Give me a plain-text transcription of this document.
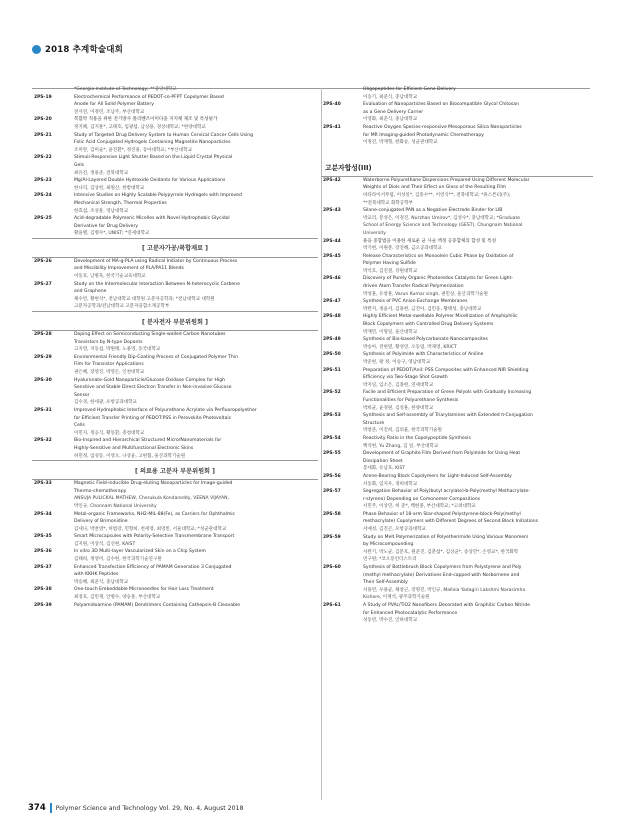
2018 추계학술대회
*Georgia Institute of Technology; **중앙대학교
2PS-19	Electrochemical Performance of PEDOT-co-PFPT Copolymer Based
Anode for All Solid Polymer Battery
전서연, 이정민, 조남주, 부산대학교
2PS-20	복합막 적용을 위한 전기방사 폴리벤즈이미다졸 지지체 제조 및 특성평가
정지혜, 김지훈*, 고태호, 임광섭, 남상용, 경상대학교; *한양대학교
2PS-21	Study of Targeted Drug Delivery System to Human Cervical Cancer Cells Using
Folic Acid Conjugated Hydrogels Containing Magnetite Nanoparticles
조미란, 김미술*, 윤진환*, 정진용, 동아대학교; *부산대학교
2PS-22	Stimuli-Responsive Light Shutter Based on the Liquid Crystal Physical
Gels
최유진, 정용준, 전북대학교
2PS-23	Mg/Al-Layered Double Hydroxide Oxidants for Various Applications
한나리, 김상헌, 최원산, 한밭대학교
2PS-24	Intensive Studies on Highly Scalable Polypyrrole Hydrogels with Improved
Mechanical Strength, Thermal Properties
한효섭, 조성훈, 영남대학교
2PS-25	Acid-degradable Polymeric Micelles with Novel Hydrophobic Glycidol
Derivative for Drug Delivery
황윤별, 김병수*, UNIST; *연세대학교
[ 고분자가공/복합재료 ]
2PS-26	Development of MA-g-PLA using Radical Initiator by Continuous Process
and Miscibility Improvement of PLA/PA11 Blends
이동호, 남병욱, 한국기술교육대학교
2PS-27	Study on the Intermolecular Interaction Between N-heterocyclic Carbene
and Graphene
채수빈, 황현석*, 전남대학교 대학원 고분자공학과; *전남대학교 대학원
고분자공학과/전남대학교 고분자융합소재공학부
[ 분자전자 부문위원회 ]
2PS-28	Doping Effect on Semiconducting Single-walled Carbon Nanotubes
Transistors by N-type Dopants
고지영, 지동섭, 박원태, 노용영, 동국대학교
2PS-29	Environmental Friendly Dip-Coating Process of Conjugated Polymer Thin
Film for Transistor Applications
권은혜, 장영진, 박영돈, 인천대학교
2PS-30	Hyaluronate-Gold Nanoparticle/Glucose Oxidase Complex for High
Sensitive and Stable Direct Electron Transfer in Non-invasive Glucose
Sensor
김수경, 한세광, 포항공과대학교
2PS-31	Improved Hydrophobic Interface of Polyurethane Acrylate via Perfluoropolyether
for Efficient Transfer Printing of PEDOT:PSS in Perovskite Photovoltaic
Cells
이민지, 정응식, 황동환, 충청대학교
2PS-32	Bio-Inspired and Hierarchical Structured Micro/Nanomaterials for
Highly-Sensitive and Multifunctional Electronic Skins
하민정, 임성동, 이영오, 나상윤, 고현협, 울산과학기술원
[ 의료용 고분자 부문위원회 ]
2PS-33	Magnetic Field-inducible Drug-eluting Nanoparticles for Image-guided
Thermo-chemotherapy
ANSUJA PULICKAL MATHEW, Cherukula Kondareddy, VEENA VIJAYAN,
박인규, Chonnam National University
2PS-34	Metal-organic Frameworks, NH2-MIL-88(Fe), as Carriers for Ophthalmic
Delivery of Brimonidine
김세나, 박찬영*, 허범강, 민향희, 천세영, 최영빈, 서울대학교; *성균관대학교
2PS-35	Smart Microcapsules with Polarity-Selective Transmembrane Transport
김지원, 이상석, 김신현, KAIST
2PS-36	In vitro 3D Multi-layer Vascularized Skin on a Chip System
김태희, 정영미, 김수현, 한국과학기술연구원
2PS-37	Enhanced Transfection Efficiency of PAMAM Generation 3 Conjugated
with KKHK Peptides
박승혜, 최준식, 충남대학교
2PS-38	One-touch Embeddable Microneedles for Hair Loss Treatment
최경호, 김민재, 안병수, 양승훈, 부산대학교
2PS-39	Polyamidoamine (PAMAM) Dendrimers Containing Cathepsin-B Cleavable
Oligopeptides for Efficient Gene Delivery
이승기, 최준식, 충남대학교
2PS-40	Evaluation of Nanoparticles Based on Biocompatible Glycol Chitosan
as a Gene Delivery Carrier
이영화, 최준식, 충남대학교
2PS-41	Reactive Oxygen Species-responsive Mesoporous Silica Nanoparticles
for MR Imaging-guided Photodynamic Chemotherapy
이정진, 박재형, 한화승, 성균관대학교
고분자합성(III)
2PS-42	Waterborne Polyurethane Dispersions Prepared Using Different Molecular
Weights of Diols and Their Effect on Gloss of the Resulting Film
바타라이서무럽, 이성일*, 김흥수**, 이연식**, 전북대학교; *휴스튼터(주);
**전북대학교 화학공학부
2PS-43	Silane-conjugated PAN as a Negative Electrode Binder for LIB
박교리, 문성은, 이경진, Nurzhan Umirov*, 김성수*, 충남대학교; *Graduate
School of Energy Science and Technology (GEST), Chungnam National
University
2PS-44	용융 중합법을 이용한 새로운 균 사슬 액정 공중합체의 합성 및 특성
박기현, 이원춘, 장진해, 금오공과대학교
2PS-45	Release Characteristics on Monoolein Cubic Phase by Oxidation of
Polymer Having Sulfide
박석호, 김진철, 강원대학교
2PS-46	Discovery of Purely Organic Photoredox Catalysts for Green Light-
driven Atom Transfer Radical Polymerization
박성훈, 유창훈, Varun Kumar singh, 권민상, 울산과학기술원
2PS-47	Synthesis of PVC Anion Exchange Membranes
박완지, 정윤서, 김용현, 금진아, 김민웅, 황택성, 충남대학교
2PS-48	Highly Efficient Metal-swellable Polymer Micellization of Amphiphilic
Block Copolymers with Controlled Drug Delivery Systems
박재민, 이형일, 울산대학교
2PS-49	Synthesis of Bio-based Polycarbonate Nanocomposites
박승아, 전현열, 황성연, 오동엽, 박제영, KRICT
2PS-50	Synthesis of Polyimide with Characteristics of Aniline
박준현, 왕 정, 이승구, 영남대학교
2PS-51	Preparation of PEDOT/Anil: PSS Composites with Enhanced NIR Shielding
Efficiency via Two-Stage Shot Growth
박지일, 임소은, 김종현, 연세대학교
2PS-52	Facile and Efficient Preparation of Green Polyols with Gradually Increasing
Functionalities for Polyurethane Synthesis
박희균, 윤경원, 김성훈, 한양대학교
2PS-53	Synthesis and Self-assembly of Triarylamines with Extended π-Conjugation
Structure
박창준, 이진희, 김의율, 한국과학기술원
2PS-54	Reactivity Ratio in the Copolypeptide Synthesis
백석현, Yu Zhang, 김 일, 부산대학교
2PS-55	Development of Graphite Film Derived from Polyimide for Using Heat
Dissipation Sheet
봉세화, 유남호, KIST
2PS-56	Acene-Bearing Block Copolymers for Light-Induced Self-Assembly
서동화, 임지우, 경희대학교
2PS-57	Segregation Behavior of Poly(butyl acrylate)-b-Poly(methyl Methacrylate-
r-styrene) Depending on Comonomer Compositions
서민주, 이상민, 허 준*, 백현종, 부산대학교; *고려대학교
2PS-58	Phase Behavior of 18-arm Star-shaped Polystyrene-block-Poly(methyl
methacrylate) Copolymers with Different Degrees of Second Block Initiations
서예성, 김진곤, 포항공과대학교
2PS-59	Study on Melt Polymerization of Polyetherimide Using Various Monomers
by Microcompounding
서완기, 박노균, 김문호, 원준진, 김춘섭*, 김상균*, 송상민*, 손영교*, 한국화학
연구원; *코오롱인더스트리
2PS-60	Synthesis of Bottlebrush Block Copolymers from Polystyrene and Poly
(methyl methacrylate) Derivatives End-capped with Norbornene and
Their Self-Assembly
서용빈, 우용균, 채창근, 강명진, 박인규, Malleia Yadagiri Lakshmi Narasimha
Kishore, 이재석, 광주과학기술원
2PS-61	A Study of PVAc/TiO2 Nanofibers Decorated with Graphitic Carbon Nitride
for Enhanced Photocatalytic Performance
성동빈, 박수진, 인하대학교
374 Polymer Science and Technology Vol. 29, No. 4, August 2018
